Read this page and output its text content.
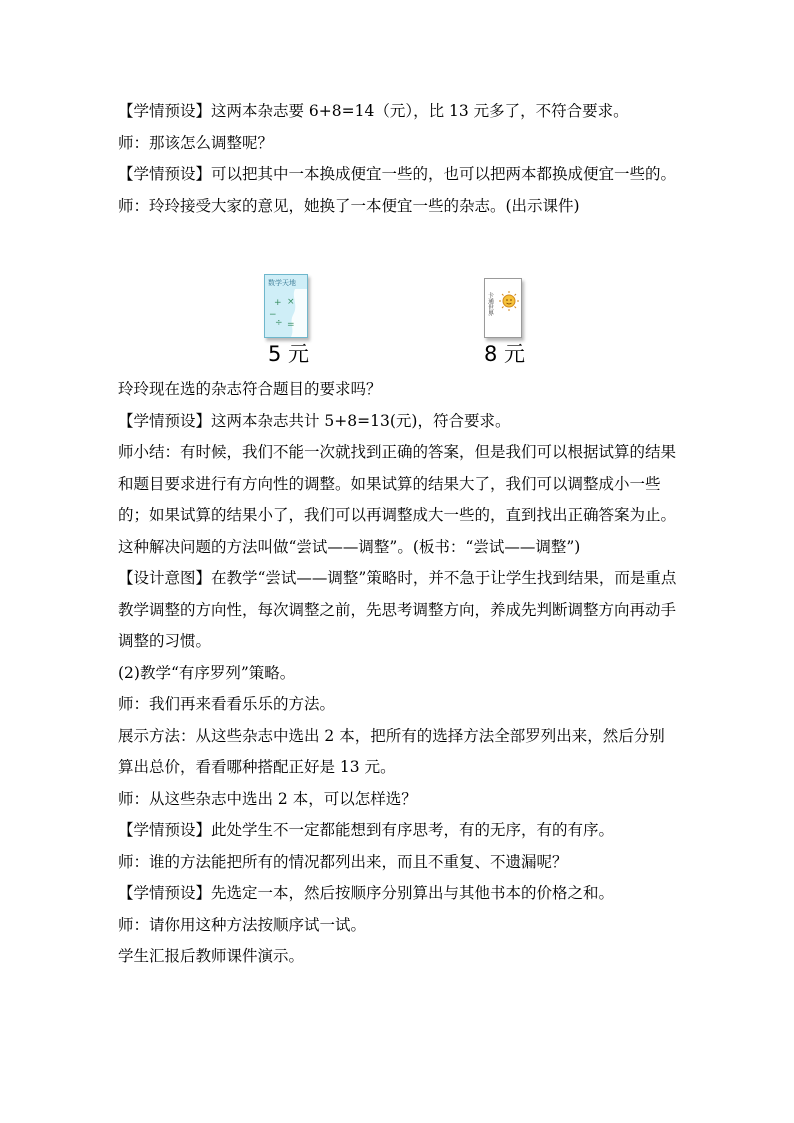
【学情预设】这两本杂志要 6+8=14（元），比 13 元多了，不符合要求。

师：那该怎么调整呢？

【学情预设】可以把其中一本换成便宜一些的，也可以把两本都换成便宜一些的。

师：玲玲接受大家的意见，她换了一本便宜一些的杂志。(出示课件)

数学天地
+ ×
−
÷ =
5 元
卡通世界
8 元

玲玲现在选的杂志符合题目的要求吗？

【学情预设】这两本杂志共计 5+8=13(元)，符合要求。

师小结：有时候，我们不能一次就找到正确的答案，但是我们可以根据试算的结果和题目要求进行有方向性的调整。如果试算的结果大了，我们可以调整成小一些的；如果试算的结果小了，我们可以再调整成大一些的，直到找出正确答案为止。这种解决问题的方法叫做“尝试——调整”。(板书：“尝试——调整”)

【设计意图】在教学“尝试——调整”策略时，并不急于让学生找到结果，而是重点教学调整的方向性，每次调整之前，先思考调整方向，养成先判断调整方向再动手调整的习惯。

(2)教学“有序罗列”策略。

师：我们再来看看乐乐的方法。

展示方法：从这些杂志中选出 2 本，把所有的选择方法全部罗列出来，然后分别算出总价，看看哪种搭配正好是 13 元。

师：从这些杂志中选出 2 本，可以怎样选？

【学情预设】此处学生不一定都能想到有序思考，有的无序，有的有序。

师：谁的方法能把所有的情况都列出来，而且不重复、不遗漏呢？

【学情预设】先选定一本，然后按顺序分别算出与其他书本的价格之和。

师：请你用这种方法按顺序试一试。

学生汇报后教师课件演示。
